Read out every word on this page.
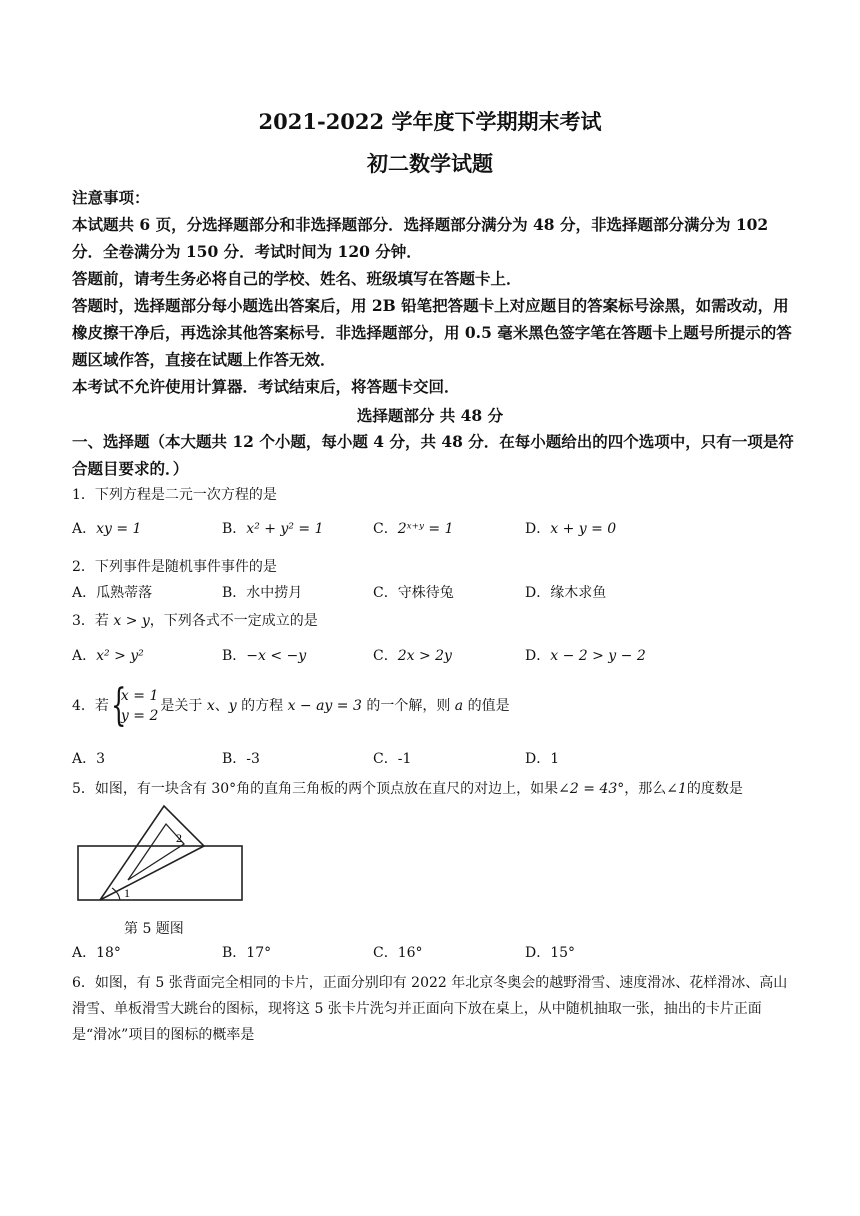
2021-2022 学年度下学期期末考试
初二数学试题

注意事项：

本试题共 6 页，分选择题部分和非选择题部分．选择题部分满分为 48 分，非选择题部分满分为 102 分．全卷满分为 150 分．考试时间为 120 分钟．

答题前，请考生务必将自己的学校、姓名、班级填写在答题卡上．

答题时，选择题部分每小题选出答案后，用 2B 铅笔把答题卡上对应题目的答案标号涂黑，如需改动，用橡皮擦干净后，再选涂其他答案标号．非选择题部分，用 0.5 毫米黑色签字笔在答题卡上题号所提示的答题区域作答，直接在试题上作答无效．

本考试不允许使用计算器．考试结束后，将答题卡交回．

选择题部分 共 48 分
一、选择题（本大题共 12 个小题，每小题 4 分，共 48 分．在每小题给出的四个选项中，只有一项是符合题目要求的．）
1．下列方程是二元一次方程的是
A．xy = 1	B．x² + y² = 1	C．2ˣ⁺ʸ = 1	D．x + y = 0
2．下列事件是随机事件事件的是
A．瓜熟蒂落	B．水中捞月	C．守株待兔	D．缘木求鱼
3．若 x > y，下列各式不一定成立的是
A．x² > y²	B．−x < −y	C．2x > 2y	D．x − 2 > y − 2
4．若 {
x = 1
y = 2
是关于 x、y 的方程 x − ay = 3 的一个解，则 a 的值是
A．3	B．-3	C．-1	D．1
5．如图，有一块含有 30°角的直角三角板的两个顶点放在直尺的对边上，如果∠2 = 43°，那么∠1的度数是
1
2
第 5 题图
A．18°	B．17°	C．16°	D．15°
6．如图，有 5 张背面完全相同的卡片，正面分别印有 2022 年北京冬奥会的越野滑雪、速度滑冰、花样滑冰、高山滑雪、单板滑雪大跳台的图标，现将这 5 张卡片洗匀并正面向下放在桌上，从中随机抽取一张，抽出的卡片正面是“滑冰”项目的图标的概率是
